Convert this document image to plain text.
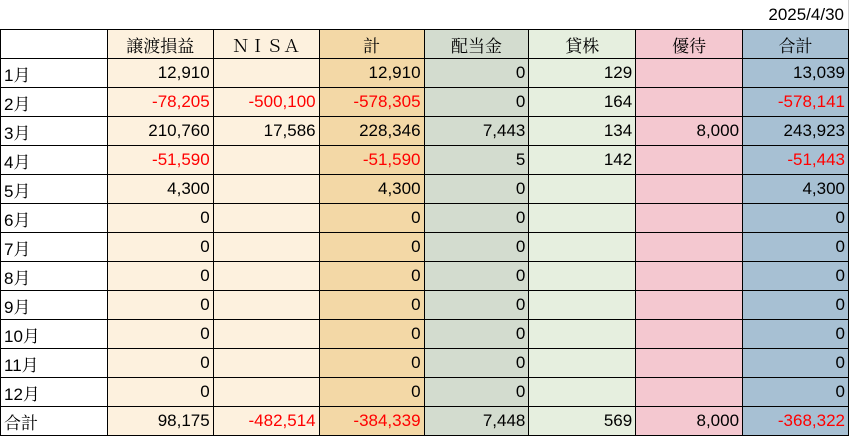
2025/4/30
	譲渡損益	ＮＩＳＡ	計	配当金	貸株	優待	合計
1月	12,910		12,910	0	129		13,039
2月	-78,205	-500,100	-578,305	0	164		-578,141
3月	210,760	17,586	228,346	7,443	134	8,000	243,923
4月	-51,590		-51,590	5	142		-51,443
5月	4,300		4,300	0			4,300
6月	0		0	0			0
7月	0		0	0			0
8月	0		0	0			0
9月	0		0	0			0
10月	0		0	0			0
11月	0		0	0			0
12月	0		0	0			0
合計	98,175	-482,514	-384,339	7,448	569	8,000	-368,322
